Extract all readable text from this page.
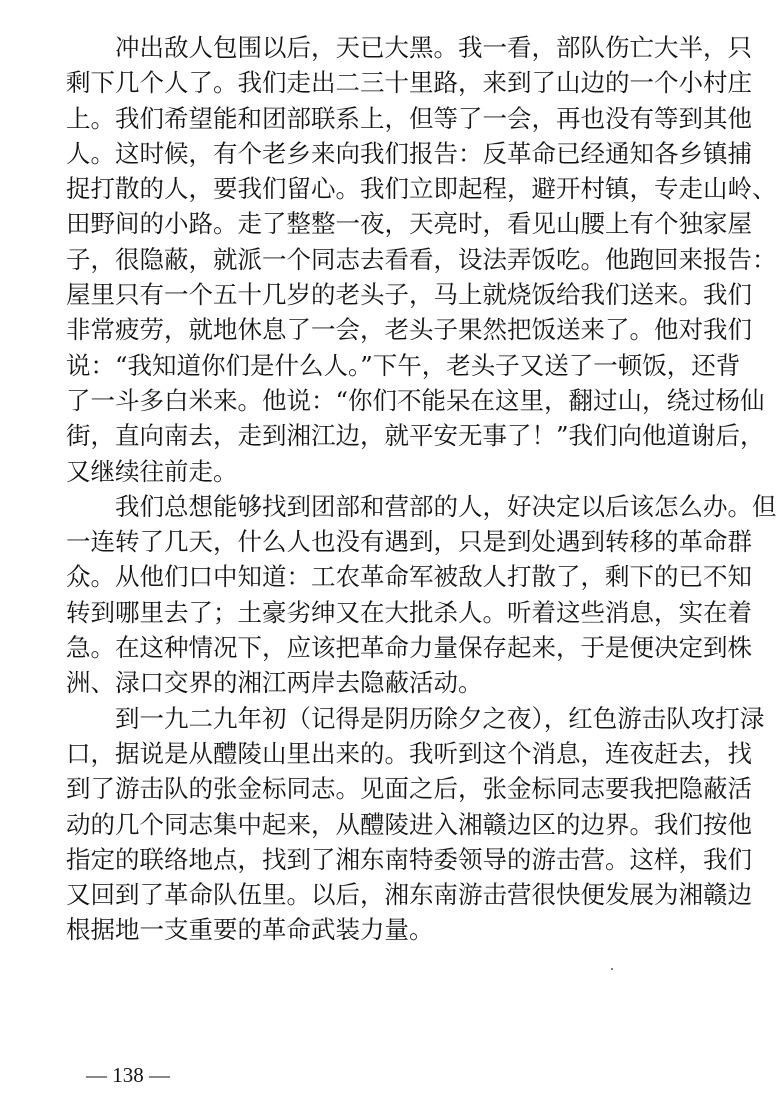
冲出敌人包围以后，天已大黑。我一看，部队伤亡大半，只
剩下几个人了。我们走出二三十里路，来到了山边的一个小村庄
上。我们希望能和团部联系上，但等了一会，再也没有等到其他
人。这时候，有个老乡来向我们报告：反革命已经通知各乡镇捕
捉打散的人，要我们留心。我们立即起程，避开村镇，专走山岭、
田野间的小路。走了整整一夜，天亮时，看见山腰上有个独家屋
子，很隐蔽，就派一个同志去看看，设法弄饭吃。他跑回来报告：
屋里只有一个五十几岁的老头子，马上就烧饭给我们送来。我们
非常疲劳，就地休息了一会，老头子果然把饭送来了。他对我们
说：“我知道你们是什么人。”下午，老头子又送了一顿饭，还背
了一斗多白米来。他说：“你们不能呆在这里，翻过山，绕过杨仙
街，直向南去，走到湘江边，就平安无事了！”我们向他道谢后，
又继续往前走。
我们总想能够找到团部和营部的人，好决定以后该怎么办。但
一连转了几天，什么人也没有遇到，只是到处遇到转移的革命群
众。从他们口中知道：工农革命军被敌人打散了，剩下的已不知
转到哪里去了；土豪劣绅又在大批杀人。听着这些消息，实在着
急。在这种情况下，应该把革命力量保存起来，于是便决定到株
洲、渌口交界的湘江两岸去隐蔽活动。
到一九二九年初（记得是阴历除夕之夜），红色游击队攻打渌
口，据说是从醴陵山里出来的。我听到这个消息，连夜赶去，找
到了游击队的张金标同志。见面之后，张金标同志要我把隐蔽活
动的几个同志集中起来，从醴陵进入湘赣边区的边界。我们按他
指定的联络地点，找到了湘东南特委领导的游击营。这样，我们
又回到了革命队伍里。以后，湘东南游击营很快便发展为湘赣边
根据地一支重要的革命武装力量。
— 138 —
